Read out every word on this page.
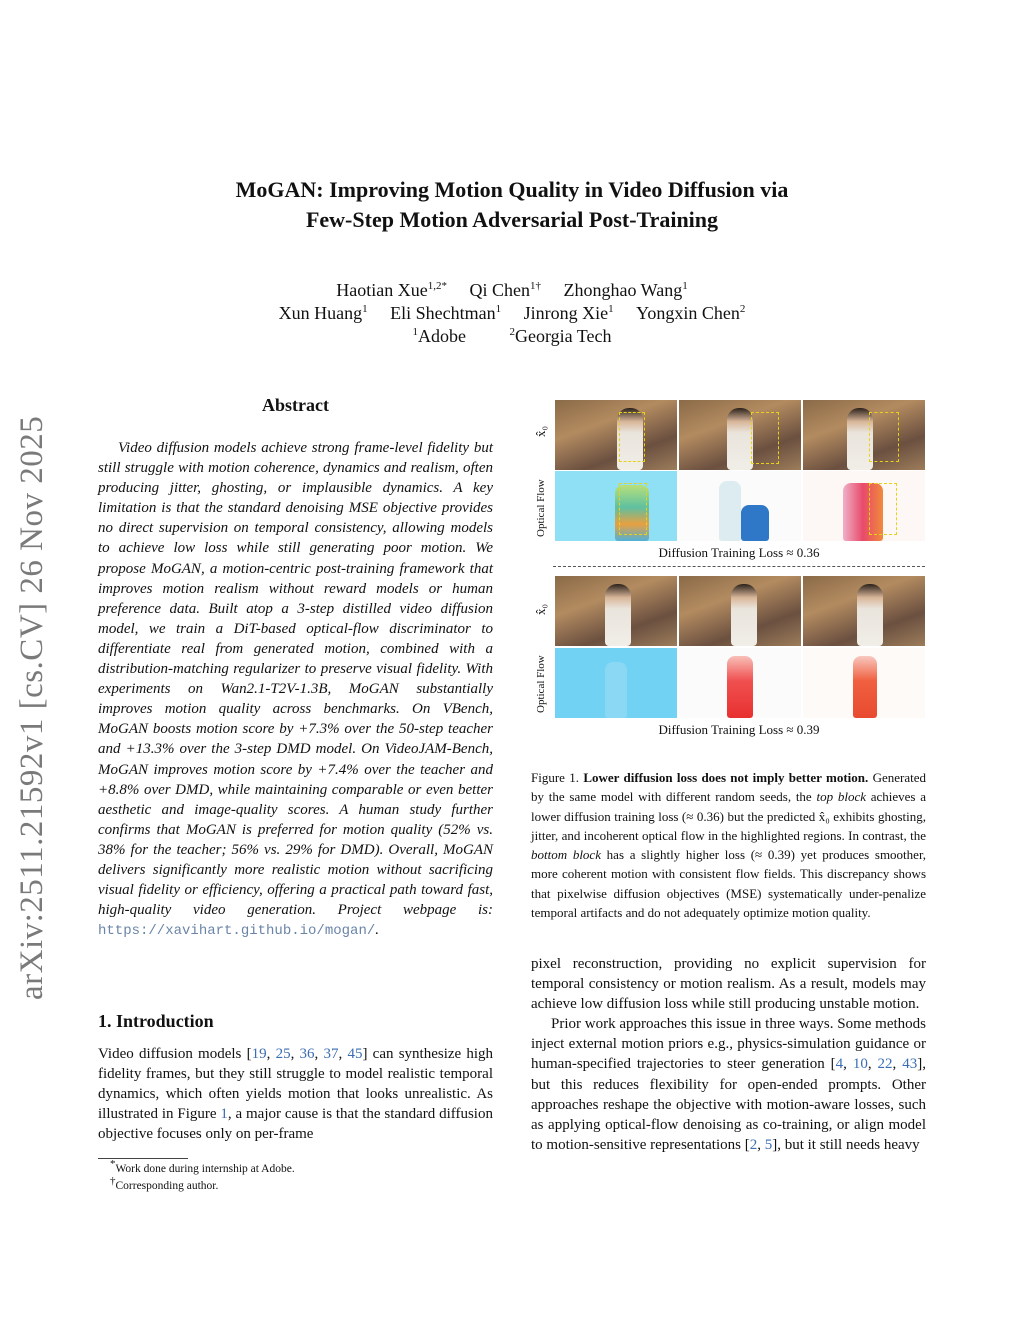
MoGAN: Improving Motion Quality in Video Diffusion via
Few-Step Motion Adversarial Post-Training
Haotian Xue$^{1,2*}$ Qi Chen$^{1\dagger}$ Zhonghao Wang$^1$
Xun Huang$^1$ Eli Shechtman$^1$ Jinrong Xie$^1$ Yongxin Chen$^2$
$^1$Adobe	$^2$Georgia Tech
arXiv:2511.21592v1 [cs.CV] 26 Nov 2025
Abstract
Video diffusion models achieve strong frame-level fidelity but still struggle with motion coherence, dynamics and realism, often producing jitter, ghosting, or implausible dynamics. A key limitation is that the standard denoising MSE objective provides no direct supervision on temporal consistency, allowing models to achieve low loss while still generating poor motion. We propose MoGAN, a motion-centric post-training framework that improves motion realism without reward models or human preference data. Built atop a 3-step distilled video diffusion model, we train a DiT-based optical-flow discriminator to differentiate real from generated motion, combined with a distribution-matching regularizer to preserve visual fidelity. With experiments on Wan2.1-T2V-1.3B, MoGAN substantially improves motion quality across benchmarks. On VBench, MoGAN boosts motion score by +7.3% over the 50-step teacher and +13.3% over the 3-step DMD model. On VideoJAM-Bench, MoGAN improves motion score by +7.4% over the teacher and +8.8% over DMD, while maintaining comparable or even better aesthetic and image-quality scores. A human study further confirms that MoGAN is preferred for motion quality (52% vs. 38% for the teacher; 56% vs. 29% for DMD). Overall, MoGAN delivers significantly more realistic motion without sacrificing visual fidelity or efficiency, offering a practical path toward fast, high-quality video generation. Project webpage is: https://xavihart.github.io/mogan/.
1. Introduction
Video diffusion models [19, 25, 36, 37, 45] can synthesize high fidelity frames, but they still struggle to model realistic temporal dynamics, which often yields motion that looks unrealistic. As illustrated in Figure 1, a major cause is that the standard diffusion objective focuses only on per-frame
*Work done during internship at Adobe.
†Corresponding author.
x̂₀
Optical Flow
Diffusion Training Loss ≈ 0.36
x̂₀
Optical Flow
Diffusion Training Loss ≈ 0.39
Figure 1. Lower diffusion loss does not imply better motion. Generated by the same model with different random seeds, the top block achieves a lower diffusion training loss (≈ 0.36) but the predicted x̂₀ exhibits ghosting, jitter, and incoherent optical flow in the highlighted regions. In contrast, the bottom block has a slightly higher loss (≈ 0.39) yet produces smoother, more coherent motion with consistent flow fields. This discrepancy shows that pixelwise diffusion objectives (MSE) systematically under-penalize temporal artifacts and do not adequately optimize motion quality.

pixel reconstruction, providing no explicit supervision for temporal consistency or motion realism. As a result, models may achieve low diffusion loss while still producing unstable motion.

Prior work approaches this issue in three ways. Some methods inject external motion priors e.g., physics-simulation guidance or human-specified trajectories to steer generation [4, 10, 22, 43], but this reduces flexibility for open-ended prompts. Other approaches reshape the objective with motion-aware losses, such as applying optical-flow denoising as co-training, or align model to motion-sensitive representations [2, 5], but it still needs heavy
